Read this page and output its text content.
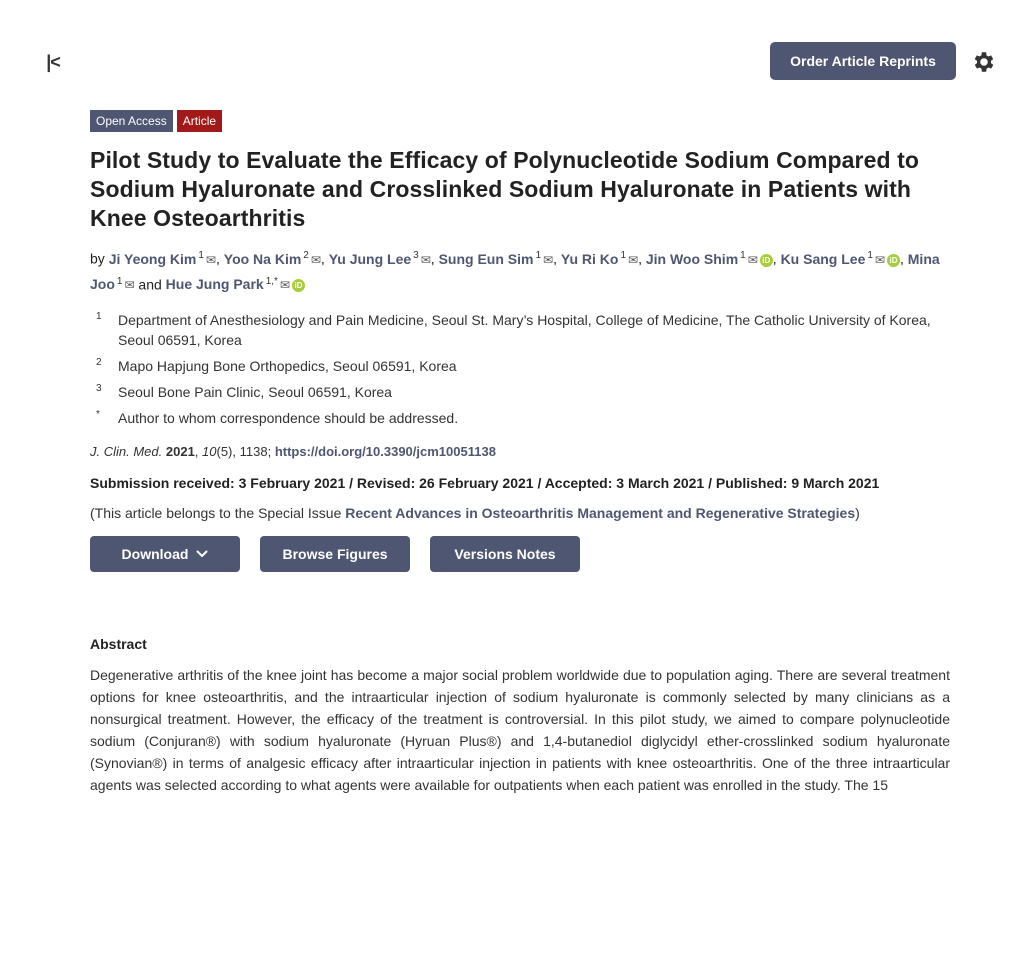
|<	Order Article Reprints
Open Access	Article
Pilot Study to Evaluate the Efficacy of Polynucleotide Sodium Compared to Sodium Hyaluronate and Crosslinked Sodium Hyaluronate in Patients with Knee Osteoarthritis
by Ji Yeong Kim $^1$ ✉, Yoo Na Kim $^2$ ✉, Yu Jung Lee $^3$ ✉, Sung Eun Sim $^1$ ✉, Yu Ri Ko $^1$ ✉, Jin Woo Shim $^1$ ✉ iD , Ku Sang Lee $^1$ ✉ iD , Mina Joo $^1$ ✉ and Hue Jung Park $^{1,*}$ ✉ iD
1	Department of Anesthesiology and Pain Medicine, Seoul St. Mary’s Hospital, College of Medicine, The Catholic University of Korea, Seoul 06591, Korea
2	Mapo Hapjung Bone Orthopedics, Seoul 06591, Korea
3	Seoul Bone Pain Clinic, Seoul 06591, Korea
*	Author to whom correspondence should be addressed.
J. Clin. Med. 2021, 10(5), 1138; https://doi.org/10.3390/jcm10051138
Submission received: 3 February 2021 / Revised: 26 February 2021 / Accepted: 3 March 2021 / Published: 9 March 2021
(This article belongs to the Special Issue Recent Advances in Osteoarthritis Management and Regenerative Strategies)
Download	Browse Figures	Versions Notes
Abstract
Degenerative arthritis of the knee joint has become a major social problem worldwide due to population aging. There are several treatment options for knee osteoarthritis, and the intraarticular injection of sodium hyaluronate is commonly selected by many clinicians as a nonsurgical treatment. However, the efficacy of the treatment is controversial. In this pilot study, we aimed to compare polynucleotide sodium (Conjuran®) with sodium hyaluronate (Hyruan Plus®) and 1,4-butanediol diglycidyl ether-crosslinked sodium hyaluronate (Synovian®) in terms of analgesic efficacy after intraarticular injection in patients with knee osteoarthritis. One of the three intraarticular agents was selected according to what agents were available for outpatients when each patient was enrolled in the study. The 15
